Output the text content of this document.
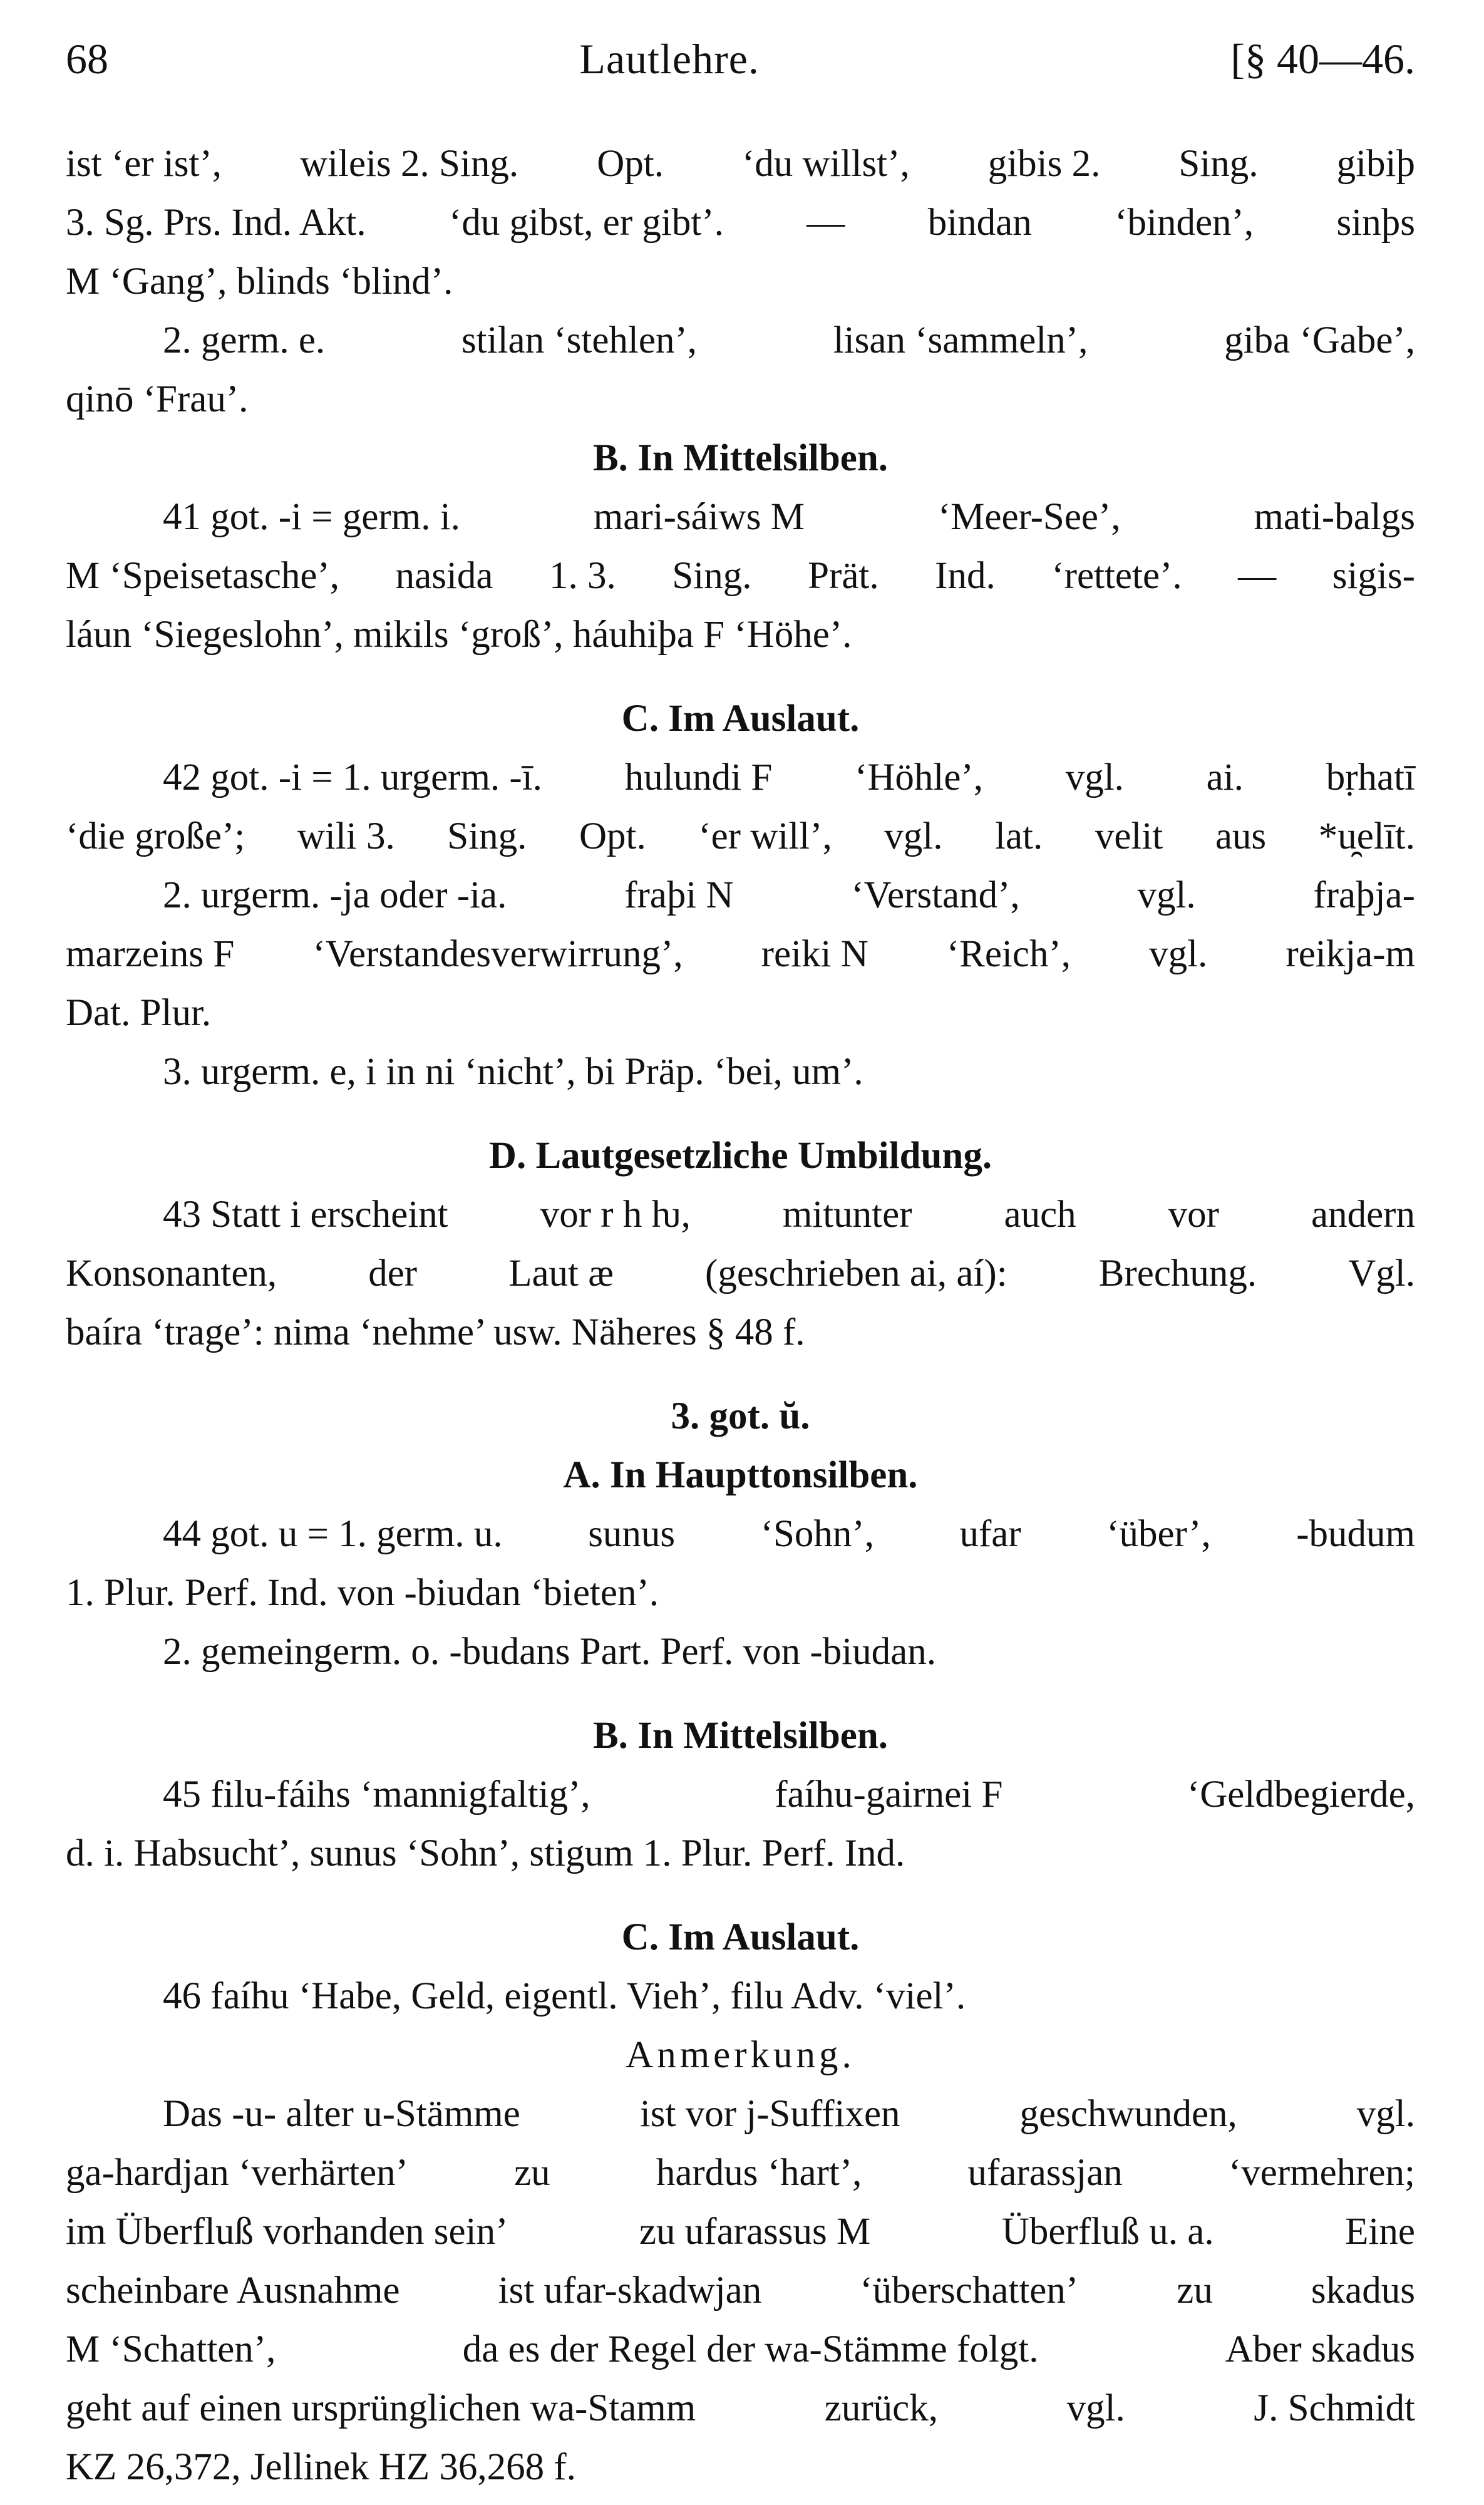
68	Lautlehre.	[§ 40—46.
ist ‘er ist’, wileis 2. Sing. Opt. ‘du willst’, gibis 2. Sing. gibiþ
3. Sg. Prs. Ind. Akt. ‘du gibst, er gibt’. — bindan ‘binden’, sinþs
M ‘Gang’, blinds ‘blind’.
2. germ. e.	stilan ‘stehlen’,	lisan ‘sammeln’,	giba ‘Gabe’,
qinō ‘Frau’.
B. In Mittelsilben.
41 got. -i = germ. i.	mari-sáiws M	‘Meer-See’,	mati-balgs
M ‘Speisetasche’, nasida 1. 3. Sing. Prät. Ind. ‘rettete’. — sigis-
láun ‘Siegeslohn’, mikils ‘groß’, háuhiþa F ‘Höhe’.
C. Im Auslaut.
42 got. -i = 1. urgerm. -ī. hulundi F ‘Höhle’, vgl. ai. bṛhatī
‘die große’; wili 3. Sing. Opt. ‘er will’, vgl. lat. velit aus *u̯elīt.
2. urgerm. -ja oder -ia.	fraþi N	‘Verstand’,	vgl.	fraþja-
marzeins F ‘Verstandesverwirrung’, reiki N ‘Reich’, vgl. reikja-m
Dat. Plur.
3. urgerm. e, i in ni ‘nicht’, bi Präp. ‘bei, um’.
D. Lautgesetzliche Umbildung.
43 Statt i erscheint vor r h ƕ, mitunter auch vor andern
Konsonanten, der Laut æ (geschrieben ai, aí): Brechung. Vgl.
baíra ‘trage’: nima ‘nehme’ usw. Näheres § 48 f.
3. got. ŭ.
A. In Haupttonsilben.
44 got. u = 1. germ. u. sunus ‘Sohn’, ufar ‘über’, -budum
1. Plur. Perf. Ind. von -biudan ‘bieten’.
2. gemeingerm. o. -budans Part. Perf. von -biudan.
B. In Mittelsilben.
45 filu-fáihs ‘mannigfaltig’,	faíhu-gairnei F	‘Geldbegierde,
d. i. Habsucht’, sunus ‘Sohn’, stigum 1. Plur. Perf. Ind.
C. Im Auslaut.
46 faíhu ‘Habe, Geld, eigentl. Vieh’, filu Adv. ‘viel’.
Anmerkung.
Das -u- alter u-Stämme	ist vor j-Suffixen	geschwunden,	vgl.
ga-hardjan ‘verhärten’	zu	hardus ‘hart’,	ufarassjan	‘vermehren;
im Überfluß vorhanden sein’	zu ufarassus M	Überfluß u. a.	Eine
scheinbare Ausnahme	ist ufar-skadwjan	‘überschatten’	zu	skadus
M ‘Schatten’,	da es der Regel der wa-Stämme folgt.	Aber skadus
geht auf einen ursprünglichen wa-Stamm	zurück,	vgl.	J. Schmidt
KZ 26,372, Jellinek HZ 36,268 f.
